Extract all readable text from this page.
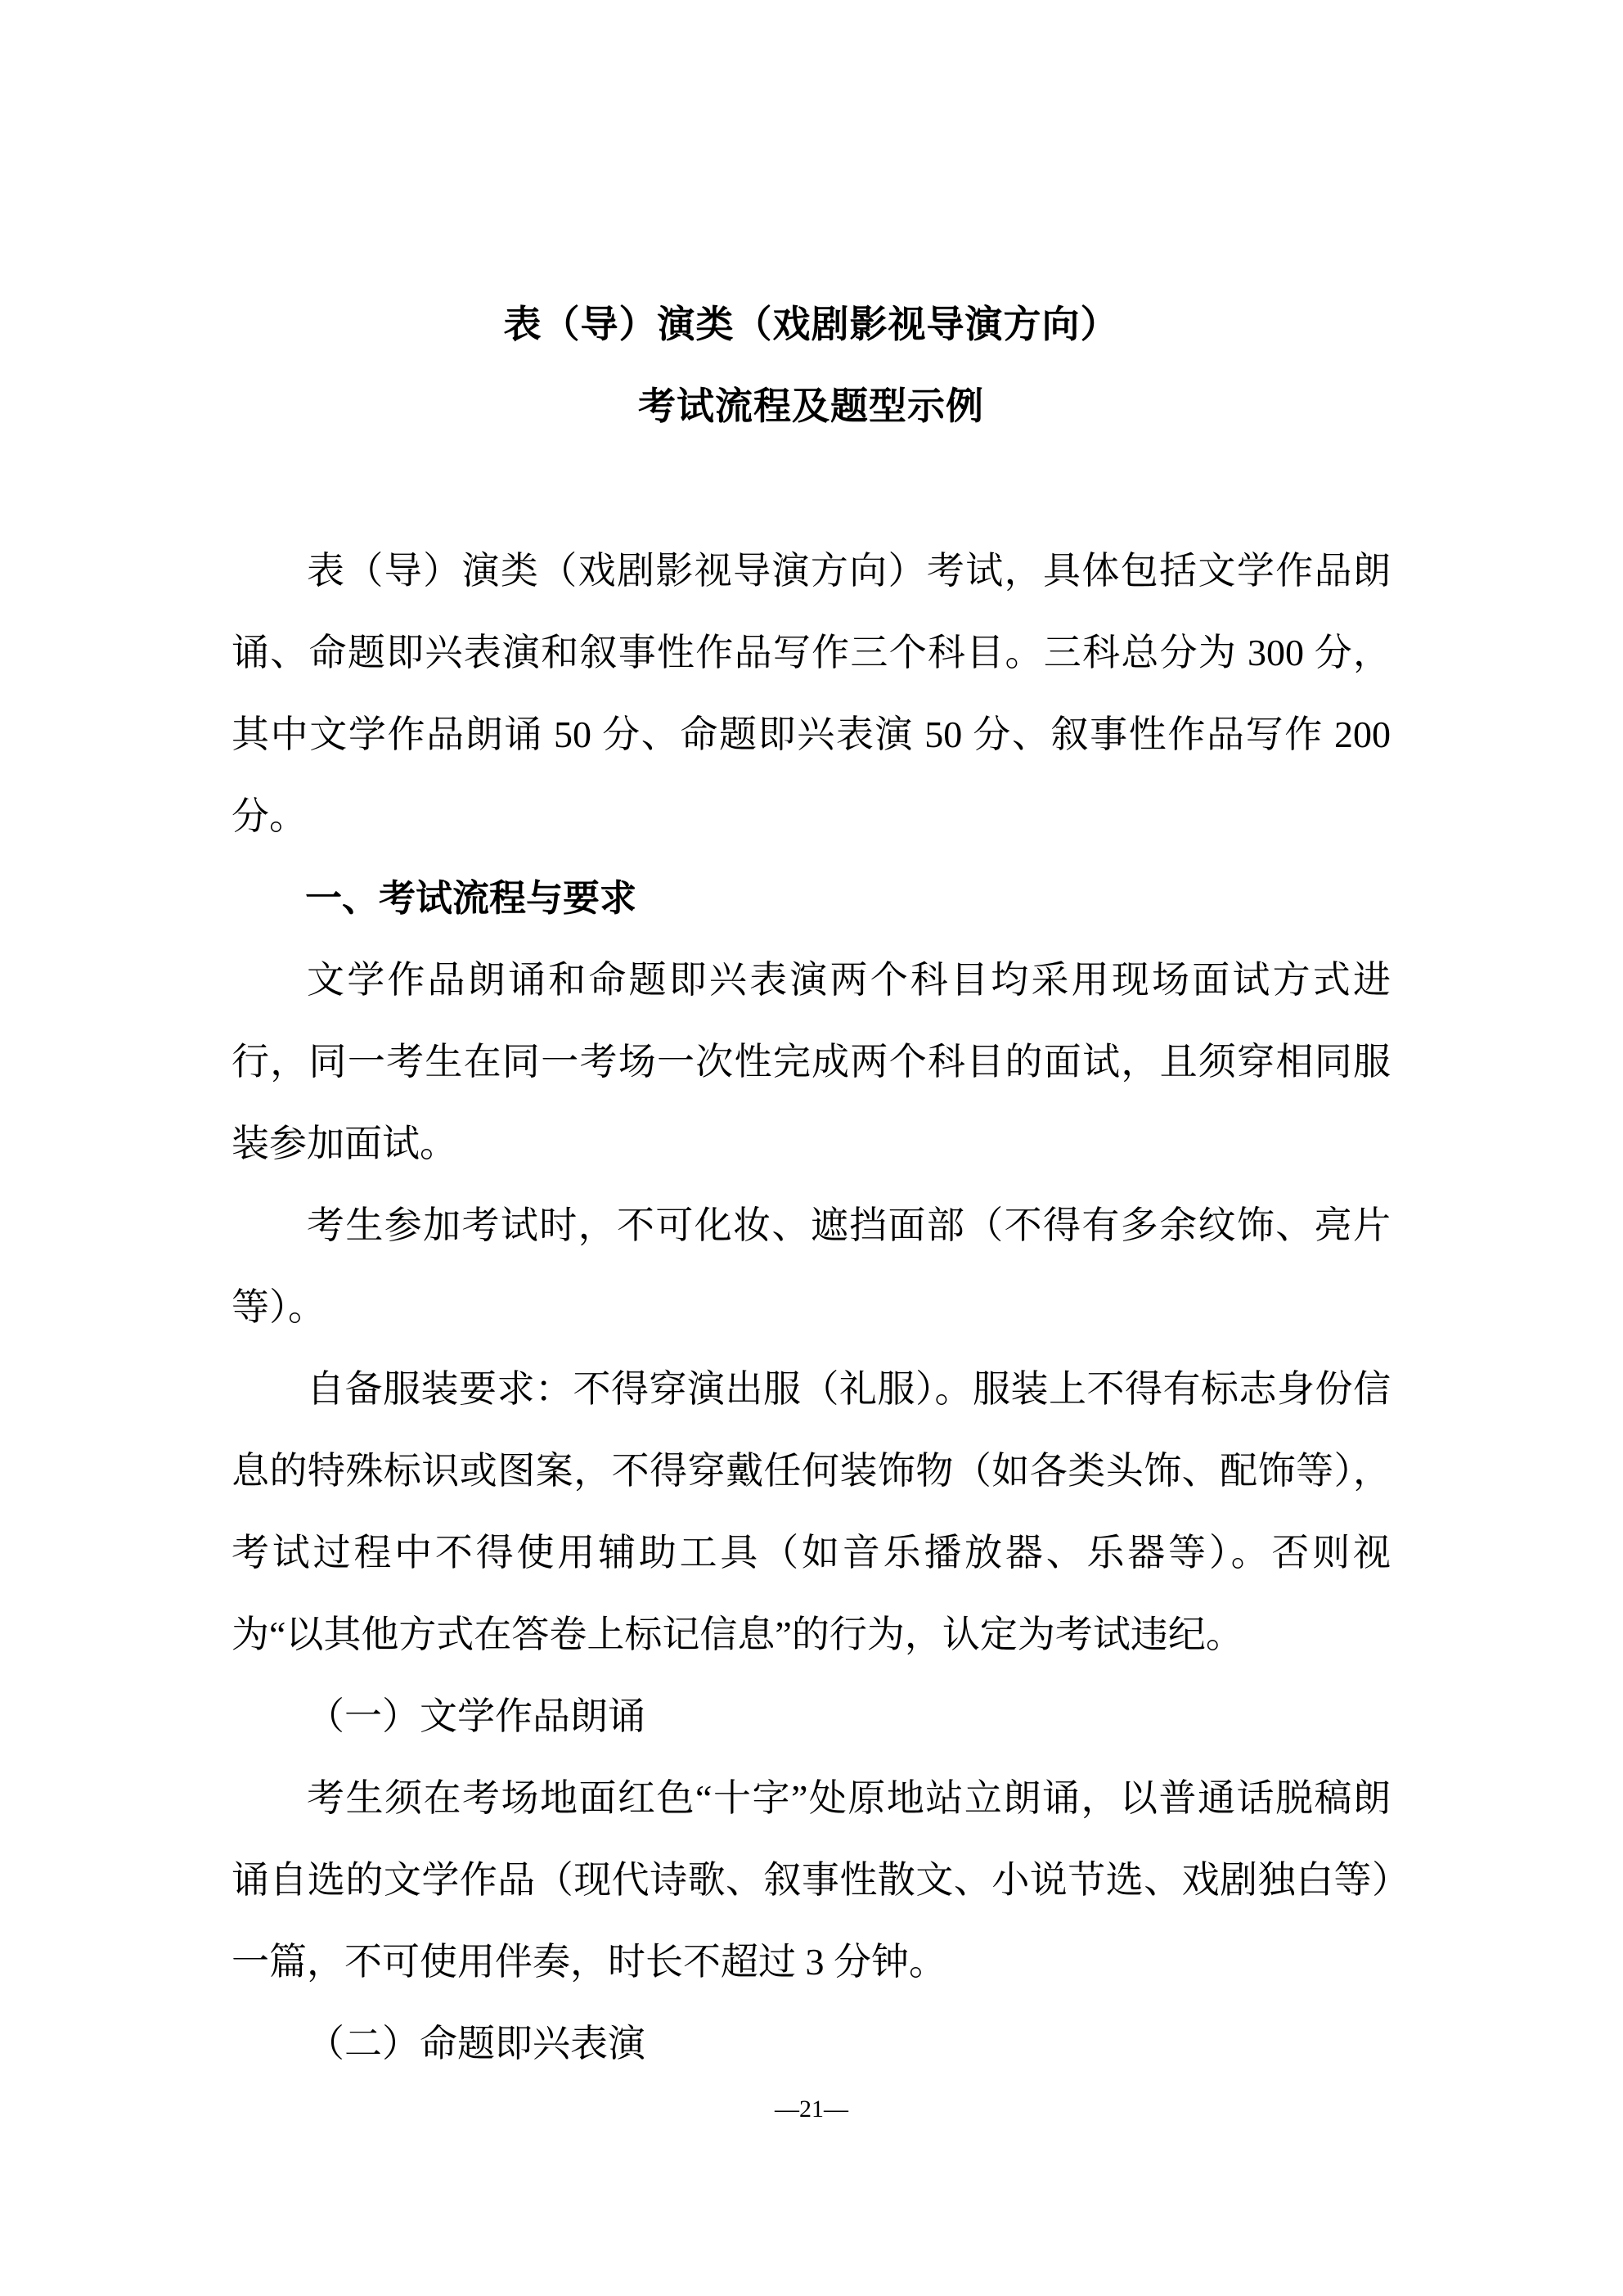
表（导）演类（戏剧影视导演方向）
考试流程及题型示例

表（导）演类（戏剧影视导演方向）考试，具体包括文学作品朗诵、命题即兴表演和叙事性作品写作三个科目。三科总分为 300 分，其中文学作品朗诵 50 分、命题即兴表演 50 分、叙事性作品写作 200 分。

一、考试流程与要求

文学作品朗诵和命题即兴表演两个科目均采用现场面试方式进行，同一考生在同一考场一次性完成两个科目的面试，且须穿相同服装参加面试。

考生参加考试时，不可化妆、遮挡面部（不得有多余纹饰、亮片等）。

自备服装要求：不得穿演出服（礼服）。服装上不得有标志身份信息的特殊标识或图案，不得穿戴任何装饰物（如各类头饰、配饰等），考试过程中不得使用辅助工具（如音乐播放器、乐器等）。否则视为“以其他方式在答卷上标记信息”的行为，认定为考试违纪。

（一）文学作品朗诵

考生须在考场地面红色“十字”处原地站立朗诵，以普通话脱稿朗诵自选的文学作品（现代诗歌、叙事性散文、小说节选、戏剧独白等）一篇，不可使用伴奏，时长不超过 3 分钟。

（二）命题即兴表演

—21—
